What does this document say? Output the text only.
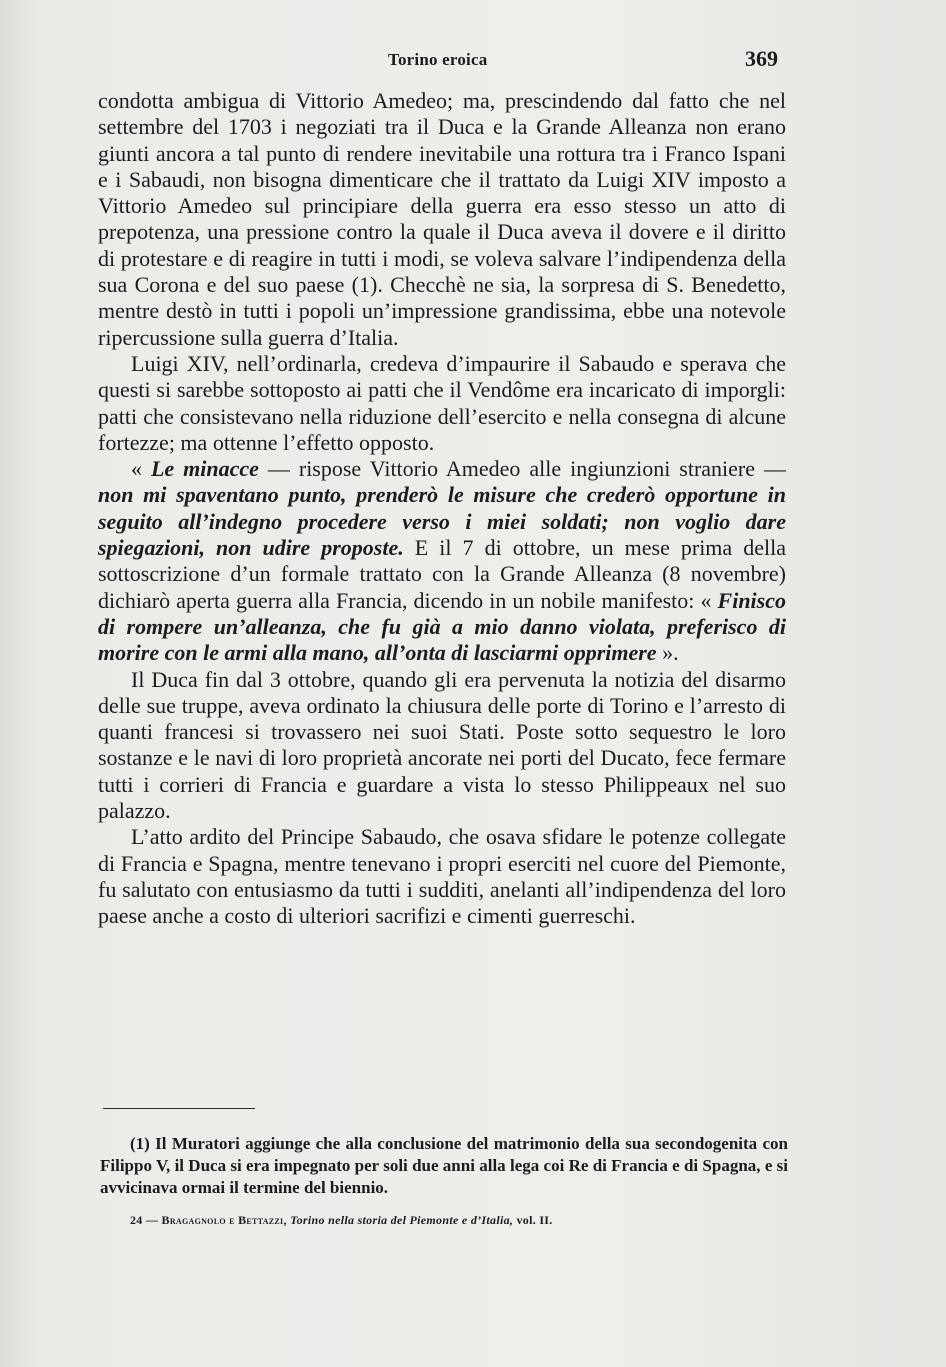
Torino eroica	369

condotta ambigua di Vittorio Amedeo; ma, prescindendo dal fatto che nel settembre del 1703 i negoziati tra il Duca e la Grande Alleanza non erano giunti ancora a tal punto di rendere inevitabile una rottura tra i Franco Ispani e i Sabaudi, non bisogna dimenticare che il trattato da Luigi XIV imposto a Vittorio Amedeo sul principiare della guerra era esso stesso un atto di prepotenza, una pressione contro la quale il Duca aveva il dovere e il diritto di protestare e di reagire in tutti i modi, se voleva salvare l’indipendenza della sua Corona e del suo paese (1). Checchè ne sia, la sorpresa di S. Benedetto, mentre destò in tutti i popoli un’impressione grandissima, ebbe una notevole ripercussione sulla guerra d’Italia.

Luigi XIV, nell’ordinarla, credeva d’impaurire il Sabaudo e sperava che questi si sarebbe sottoposto ai patti che il Vendôme era incaricato di imporgli: patti che consistevano nella riduzione dell’esercito e nella consegna di alcune fortezze; ma ottenne l’effetto opposto.

« Le minacce — rispose Vittorio Amedeo alle ingiunzioni straniere — non mi spaventano punto, prenderò le misure che crederò opportune in seguito all’indegno procedere verso i miei soldati; non voglio dare spiegazioni, non udire proposte. E il 7 di ottobre, un mese prima della sottoscrizione d’un formale trattato con la Grande Alleanza (8 novembre) dichiarò aperta guerra alla Francia, dicendo in un nobile manifesto: « Finisco di rompere un’alleanza, che fu già a mio danno violata, preferisco di morire con le armi alla mano, all’onta di lasciarmi opprimere ».

Il Duca fin dal 3 ottobre, quando gli era pervenuta la notizia del disarmo delle sue truppe, aveva ordinato la chiusura delle porte di Torino e l’arresto di quanti francesi si trovassero nei suoi Stati. Poste sotto sequestro le loro sostanze e le navi di loro proprietà ancorate nei porti del Ducato, fece fermare tutti i corrieri di Francia e guardare a vista lo stesso Philippeaux nel suo palazzo.

L’atto ardito del Principe Sabaudo, che osava sfidare le potenze collegate di Francia e Spagna, mentre tenevano i propri eserciti nel cuore del Piemonte, fu salutato con entusiasmo da tutti i sudditi, anelanti all’indipendenza del loro paese anche a costo di ulteriori sacrifizi e cimenti guerreschi.

(1) Il Muratori aggiunge che alla conclusione del matrimonio della sua secondogenita con Filippo V, il Duca si era impegnato per soli due anni alla lega coi Re di Francia e di Spagna, e si avvicinava ormai il termine del biennio.
24 — Bragagnolo e Bettazzi, Torino nella storia del Piemonte e d’Italia, vol. II.
